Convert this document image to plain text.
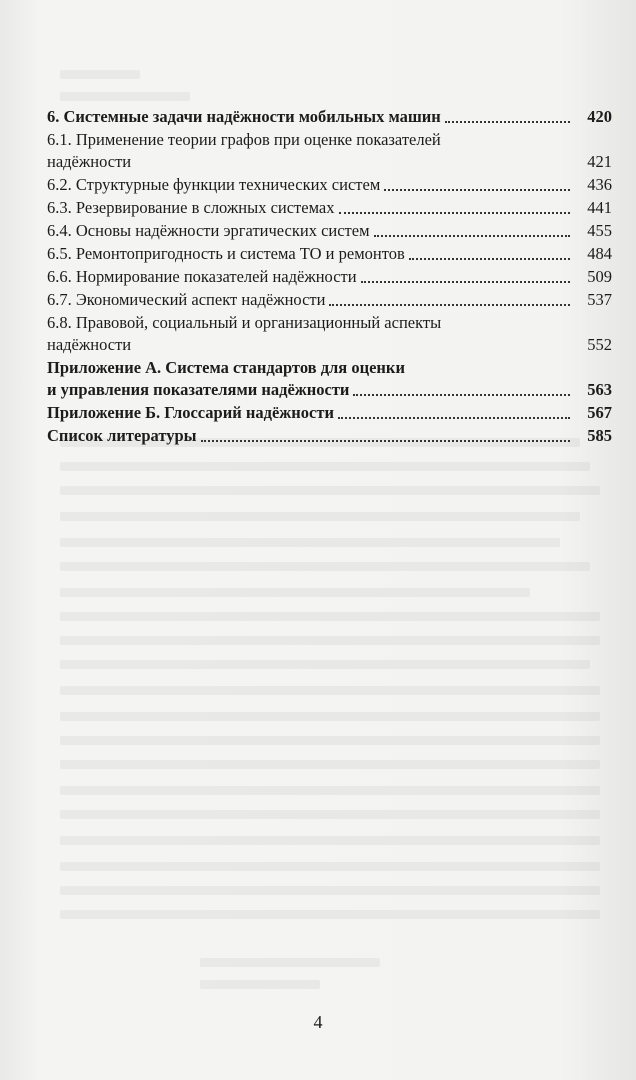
6. Системные задачи надёжности мобильных машин	420
6.1. Применение теории графов при оценке показателей
надёжности	421
6.2. Структурные функции технических систем	436
6.3. Резервирование в сложных системах	441
6.4. Основы надёжности эргатических систем	455
6.5. Ремонтопригодность и система ТО и ремонтов	484
6.6. Нормирование показателей надёжности	509
6.7. Экономический аспект надёжности	537
6.8. Правовой, социальный и организационный аспекты
надёжности	552
Приложение А. Система стандартов для оценки
и управления показателями надёжности	563
Приложение Б. Глоссарий надёжности	567
Список литературы	585
4
